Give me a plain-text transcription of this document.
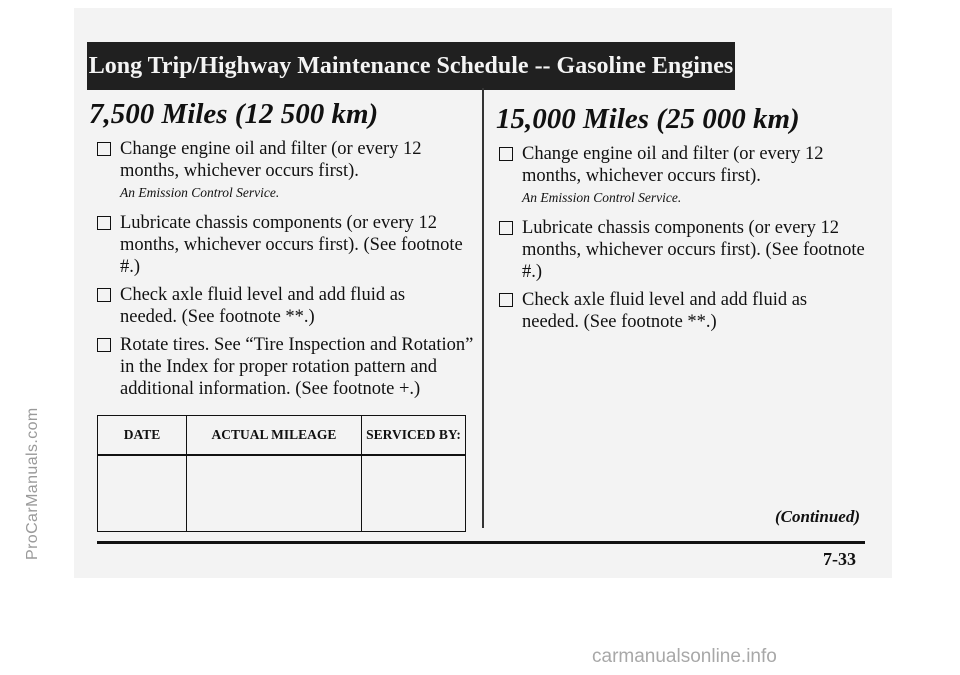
Long Trip/Highway Maintenance Schedule -- Gasoline Engines
7,500 Miles (12 500 km)
Change engine oil and filter (or every 12 months, whichever occurs first).
An Emission Control Service.
Lubricate chassis components (or every 12 months, whichever occurs first). (See footnote #.)
Check axle fluid level and add fluid as needed. (See footnote **.)
Rotate tires. See “Tire Inspection and Rotation” in the Index for proper rotation pattern and additional information. (See footnote +.)
15,000 Miles (25 000 km)
Change engine oil and filter (or every 12 months, whichever occurs first).
An Emission Control Service.
Lubricate chassis components (or every 12 months, whichever occurs first). (See footnote #.)
Check axle fluid level and add fluid as needed. (See footnote **.)
DATE	ACTUAL MILEAGE	SERVICED BY:

(Continued)
7-33
ProCarManuals.com
carmanualsonline.info
